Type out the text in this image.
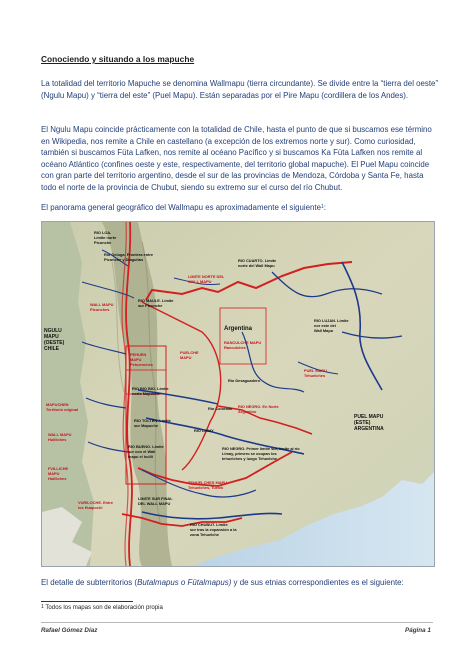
Conociendo y situando a los mapuche
La totalidad del territorio Mapuche se denomina Wallmapu (tierra circundante). Se divide entre la “tierra del oeste” (Ngulu Mapu) y “tierra del este” (Puel Mapu). Están separadas por el Pire Mapu (cordillera de los Andes).
El Ngulu Mapu coincide prácticamente con la totalidad de Chile, hasta el punto de que si buscamos ese término en Wikipedia, nos remite a Chile en castellano (a excepción de los extremos norte y sur). Como curiosidad, también si buscamos Füta Lafken, nos remite al océano Pacífico y si buscamos Ka Füta Lafken nos remite al océano Atlántico (confines oeste y este, respectivamente, del territorio global mapuche). El Puel Mapu coincide con gran parte del territorio argentino, desde el sur de las provincias de Mendoza, Córdoba y Santa Fe, hasta todo el norte de la provincia de Chubut, siendo su extremo sur el curso del río Chubut.
El panorama general geográfico del Wallmapu es aproximadamente el siguiente$^1$:
RIO LOA. Límite norte Picunche
Río Ocluga. Frontera entre Picunche y Diaguitas	RIO CUARTO. Límite norte del Wall Mapu
LIMITE NORTE DEL WALL MAPU
RIO MAULE. Límite sur Picunche
WALL MAPU Picunches
Argentina
RIO LUJAN. Límite nor este del Wall Mapu
RANCULCHE MAPU Ranculches
NGULU MAPU (OESTE) CHILE
PEHUEN MAPU Pehuenches
PUELCHE MAPU
PUEL MAPU Tehuelches
RIO BIO BIO. Límite norte Mapuche
Río Desaguadero
Río Colorado RIO NEGRO. En Norte Argentino
MAPUCHEN Territorio original
RIO TOLTEN. Límite sur Mapuche
RIO LIMAY
PUEL MAPU (ESTE) ARGENTINA
WALL MAPU Huilliches
RIO BUENO. Límite sur con el Wall mapu el huilli
RIO NEGRO. Primer límite sur, límite al río Limay, primero se ocupan los tehuelches y luego Tehuelche
FVILLICHE MAPU Huilliches
TEHUELCHES MAPU Tehuelches, Tuelek
VURILOCHE. Entre los Huapochi
LIMITE SUR FINAL DEL WALL MAPU
RIO CHUBUT. Límite sur tras la expansión a la zona Tehuelche
El detalle de subterritorios (Butalmapus o Fütalmapus) y de sus etnias correspondientes es el siguiente:
$^1$ Todos los mapas son de elaboración propia
Rafael Gómez Díaz	Página 1
